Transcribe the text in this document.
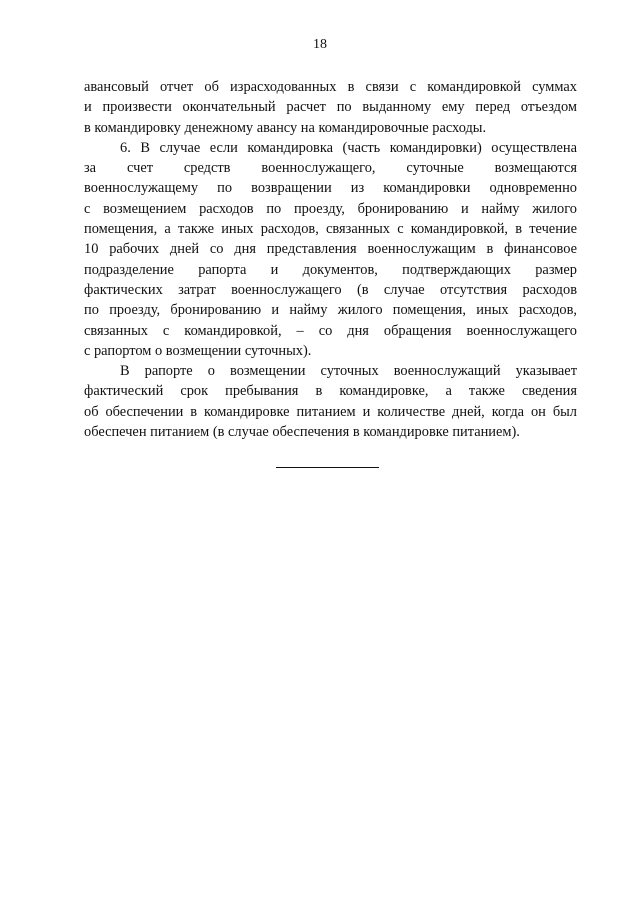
18
авансовый отчет об израсходованных в связи с командировкой суммах
и произвести окончательный расчет по выданному ему перед отъездом
в командировку денежному авансу на командировочные расходы.
6. В случае если командировка (часть командировки) осуществлена
за счет средств военнослужащего, суточные возмещаются
военнослужащему по возвращении из командировки одновременно
с возмещением расходов по проезду, бронированию и найму жилого
помещения, а также иных расходов, связанных с командировкой, в течение
10 рабочих дней со дня представления военнослужащим в финансовое
подразделение рапорта и документов, подтверждающих размер
фактических затрат военнослужащего (в случае отсутствия расходов
по проезду, бронированию и найму жилого помещения, иных расходов,
связанных с командировкой, – со дня обращения военнослужащего
с рапортом о возмещении суточных).
В рапорте о возмещении суточных военнослужащий указывает
фактический срок пребывания в командировке, а также сведения
об обеспечении в командировке питанием и количестве дней, когда он был
обеспечен питанием (в случае обеспечения в командировке питанием).
